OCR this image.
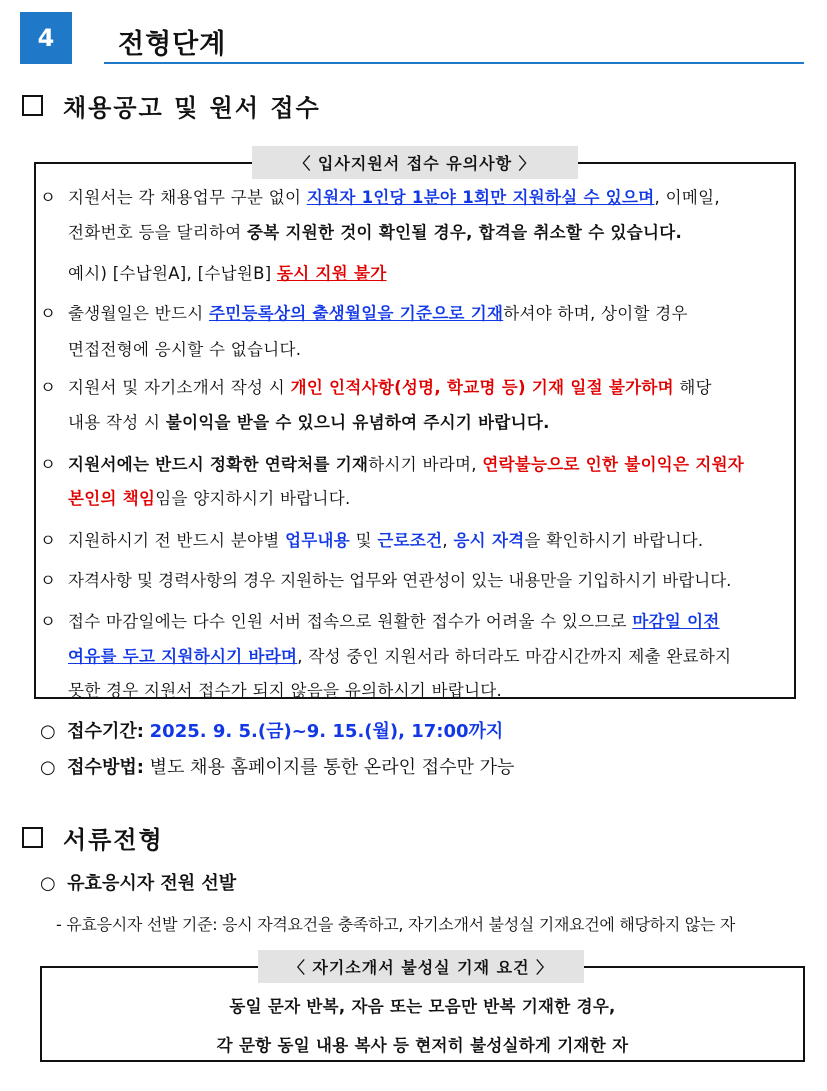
4	전형단계
채용공고 및 원서 접수
〈 입사지원서 접수 유의사항 〉
ㅇ 지원서는 각 채용업무 구분 없이 지원자 1인당 1분야 1회만 지원하실 수 있으며, 이메일,
전화번호 등을 달리하여 중복 지원한 것이 확인될 경우, 합격을 취소할 수 있습니다.
예시) [수납원A], [수납원B] 동시 지원 불가
ㅇ 출생월일은 반드시 주민등록상의 출생월일을 기준으로 기재하셔야 하며, 상이할 경우
면접전형에 응시할 수 없습니다.
ㅇ 지원서 및 자기소개서 작성 시 개인 인적사항(성명, 학교명 등) 기재 일절 불가하며 해당
내용 작성 시 불이익을 받을 수 있으니 유념하여 주시기 바랍니다.
ㅇ 지원서에는 반드시 정확한 연락처를 기재하시기 바라며, 연락불능으로 인한 불이익은 지원자
본인의 책임임을 양지하시기 바랍니다.
ㅇ 지원하시기 전 반드시 분야별 업무내용 및 근로조건, 응시 자격을 확인하시기 바랍니다.
ㅇ 자격사항 및 경력사항의 경우 지원하는 업무와 연관성이 있는 내용만을 기입하시기 바랍니다.
ㅇ 접수 마감일에는 다수 인원 서버 접속으로 원활한 접수가 어려울 수 있으므로 마감일 이전
여유를 두고 지원하시기 바라며, 작성 중인 지원서라 하더라도 마감시간까지 제출 완료하지
못한 경우 지원서 접수가 되지 않음을 유의하시기 바랍니다.
○ 접수기간: 2025. 9. 5.(금)~9. 15.(월), 17:00까지
○ 접수방법: 별도 채용 홈페이지를 통한 온라인 접수만 가능
서류전형
○ 유효응시자 전원 선발
- 유효응시자 선발 기준: 응시 자격요건을 충족하고, 자기소개서 불성실 기재요건에 해당하지 않는 자
〈 자기소개서 불성실 기재 요건 〉
동일 문자 반복, 자음 또는 모음만 반복 기재한 경우,
각 문항 동일 내용 복사 등 현저히 불성실하게 기재한 자
